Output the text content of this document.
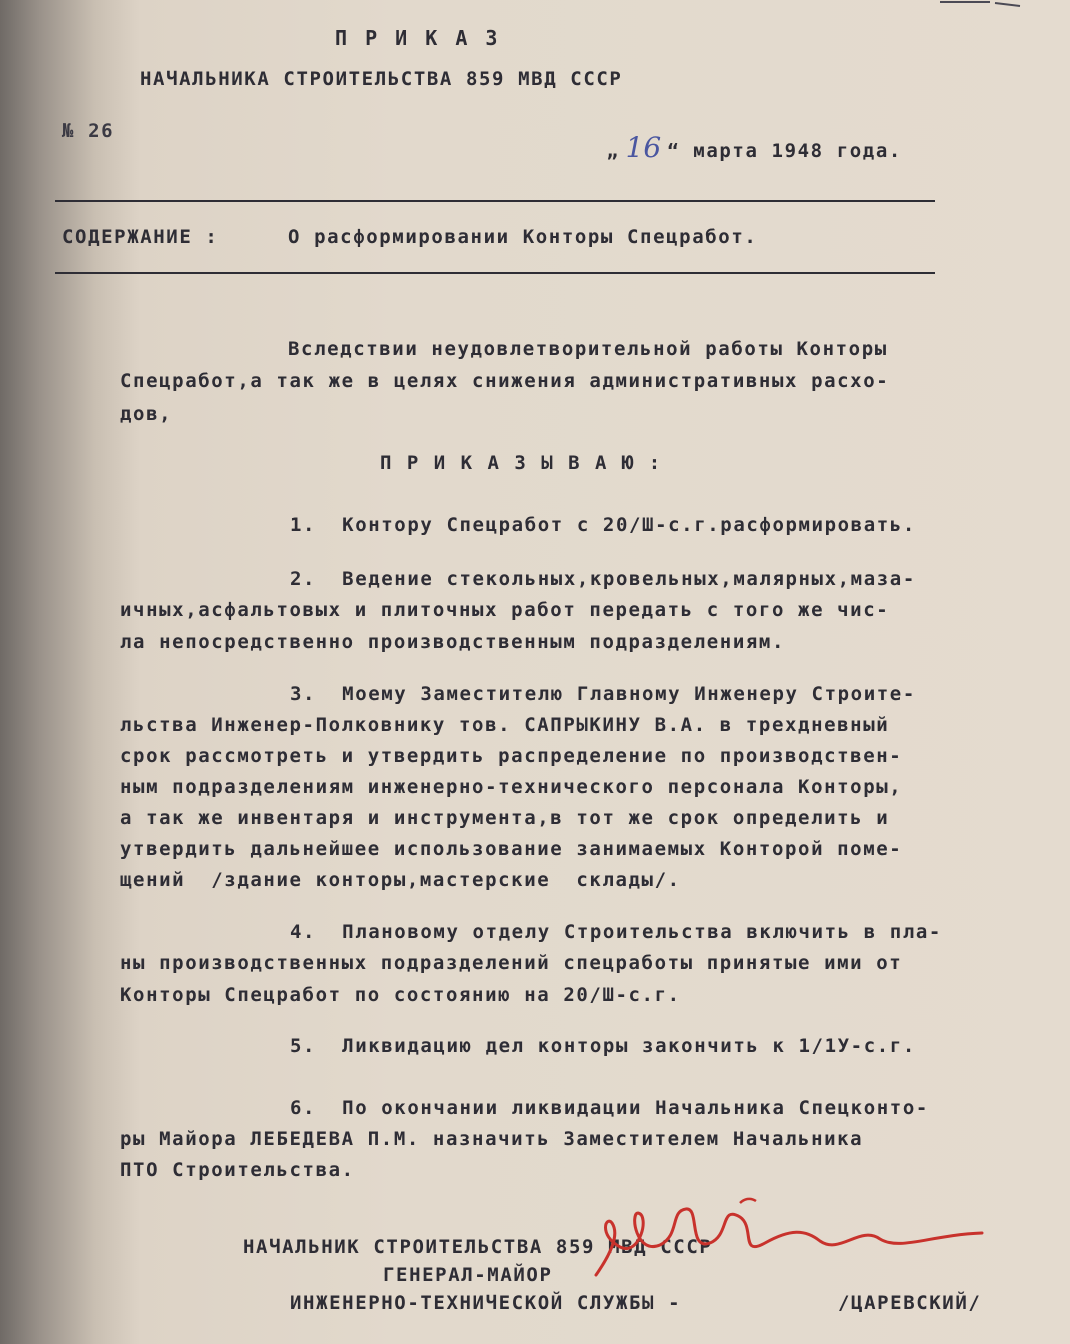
П Р И К А З
НАЧАЛЬНИКА СТРОИТЕЛЬСТВА 859 МВД СССР
№ 26

„ 16 “ марта 1948 года.

СОДЕРЖАНИЕ :	О расформировании Конторы Спецработ.
Вследствии неудовлетворительной работы Конторы
Спецработ,а так же в целях снижения административных расхо-
дов,
П Р И К А З Ы В А Ю :
1.  Контору Спецработ с 20/Ш-с.г.расформировать.
2.  Ведение стекольных,кровельных,малярных,маза-
ичных,асфальтовых и плиточных работ передать с того же чис-
ла непосредственно производственным подразделениям.
3.  Моему Заместителю Главному Инженеру Строите-
льства Инженер-Полковнику тов. САПРЫКИНУ В.А. в трехдневный
срок рассмотреть и утвердить распределение по производствен-
ным подразделениям инженерно-технического персонала Конторы,
а так же инвентаря и инструмента,в тот же срок определить и
утвердить дальнейшее использование занимаемых Конторой поме-
щений  /здание конторы,мастерские  склады/.
4.  Плановому отделу Строительства включить в пла-
ны производственных подразделений спецработы принятые ими от
Конторы Спецработ по состоянию на 20/Ш-с.г.
5.  Ликвидацию дел конторы закончить к 1/1У-с.г.
6.  По окончании ликвидации Начальника Спецконто-
ры Майора ЛЕБЕДЕВА П.М. назначить Заместителем Начальника
ПТО Строительства.
НАЧАЛЬНИК СТРОИТЕЛЬСТВА 859 МВД СССР
ГЕНЕРАЛ-МАЙОР
ИНЖЕНЕРНО-ТЕХНИЧЕСКОЙ СЛУЖБЫ -	/ЦАРЕВСКИЙ/
